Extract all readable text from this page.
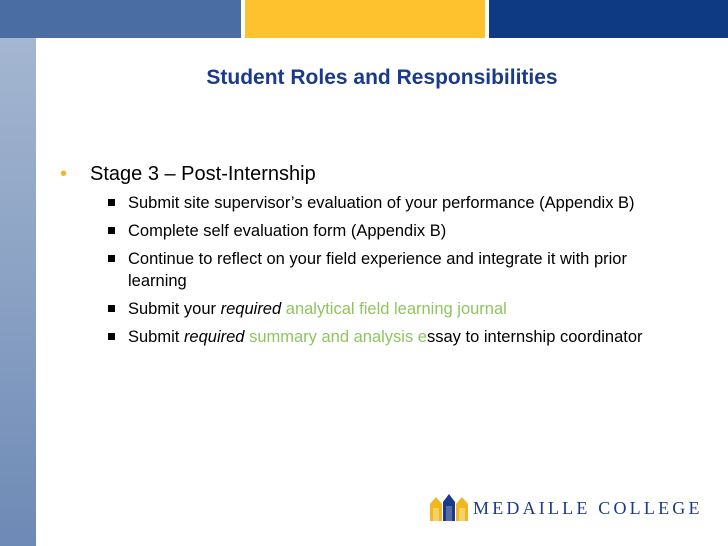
Student Roles and Responsibilities
• Stage 3 – Post-Internship
Submit site supervisor’s evaluation of your performance (Appendix B)
Complete self evaluation form (Appendix B)
Continue to reflect on your field experience and integrate it with prior learning
Submit your required analytical field learning journal
Submit required summary and analysis essay to internship coordinator
MEDAILLE COLLEGE
